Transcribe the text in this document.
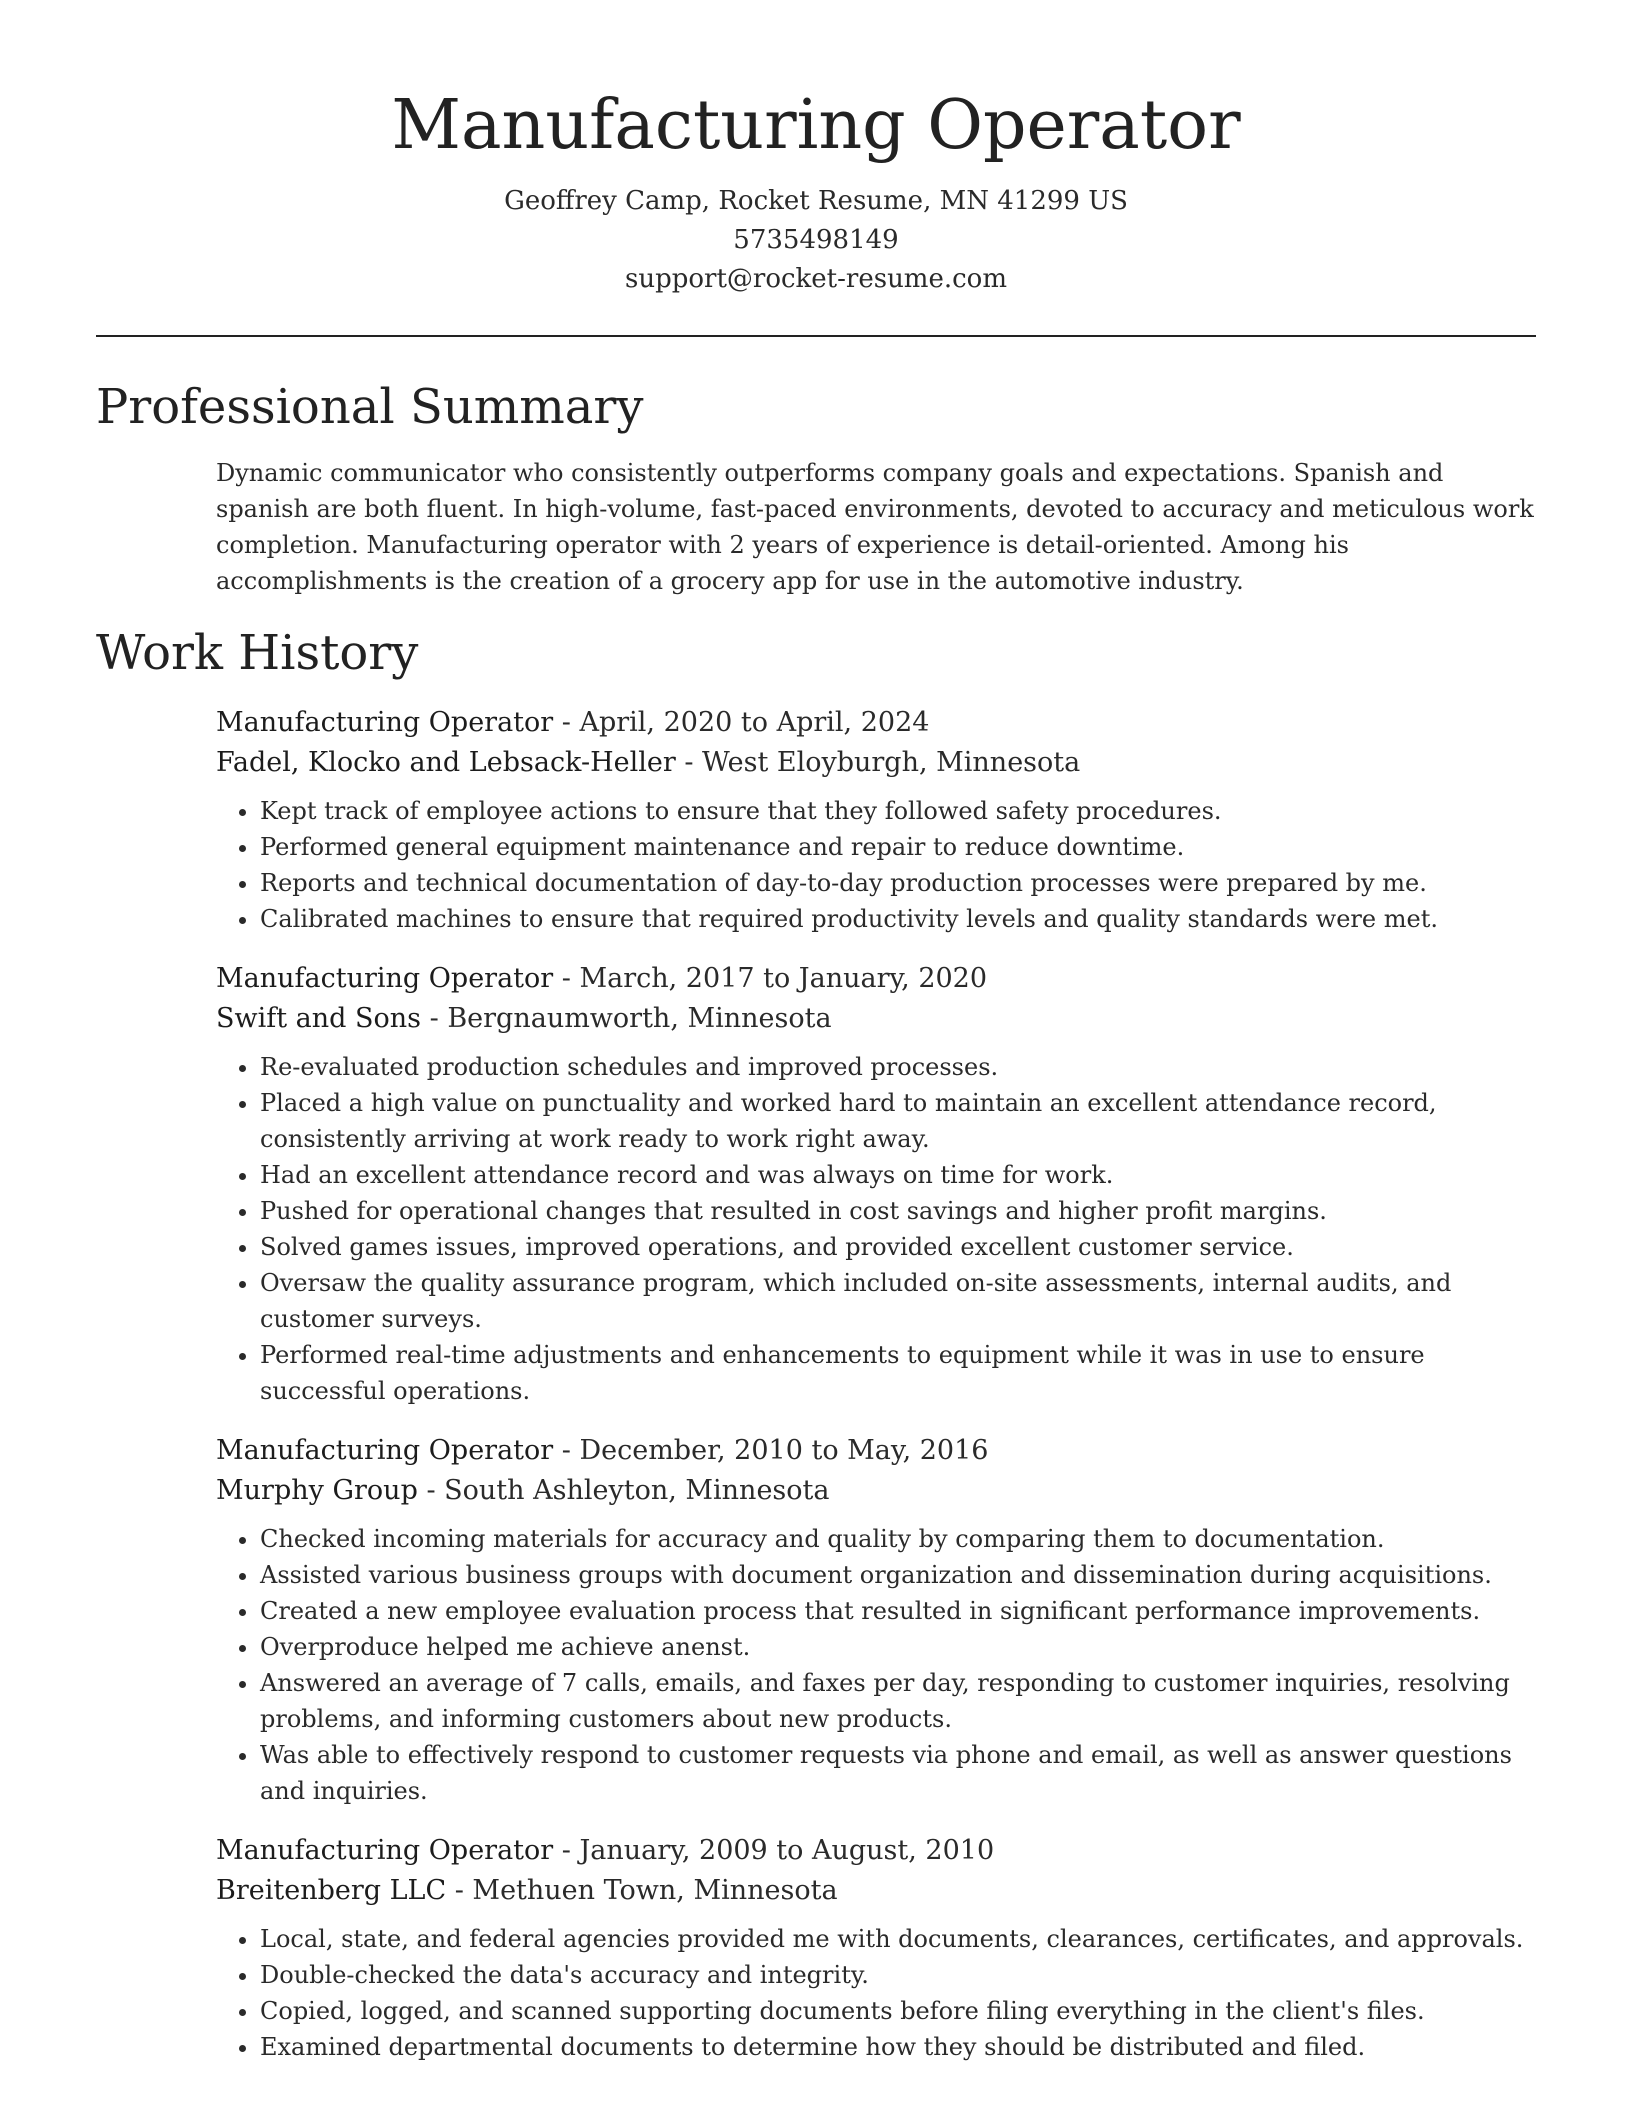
Manufacturing Operator
Geoffrey Camp, Rocket Resume, MN 41299 US
5735498149
support@rocket-resume.com
Professional Summary

Dynamic communicator who consistently outperforms company goals and expectations. Spanish and spanish are both fluent. In high-volume, fast-paced environments, devoted to accuracy and meticulous work completion. Manufacturing operator with 2 years of experience is detail-oriented. Among his accomplishments is the creation of a grocery app for use in the automotive industry.

Work History
Manufacturing Operator - April, 2020 to April, 2024
Fadel, Klocko and Lebsack-Heller - West Eloyburgh, Minnesota
• Kept track of employee actions to ensure that they followed safety procedures.
• Performed general equipment maintenance and repair to reduce downtime.
• Reports and technical documentation of day-to-day production processes were prepared by me.
• Calibrated machines to ensure that required productivity levels and quality standards were met.
Manufacturing Operator - March, 2017 to January, 2020
Swift and Sons - Bergnaumworth, Minnesota
• Re-evaluated production schedules and improved processes.
• Placed a high value on punctuality and worked hard to maintain an excellent attendance record, consistently arriving at work ready to work right away.
• Had an excellent attendance record and was always on time for work.
• Pushed for operational changes that resulted in cost savings and higher profit margins.
• Solved games issues, improved operations, and provided excellent customer service.
• Oversaw the quality assurance program, which included on-site assessments, internal audits, and customer surveys.
• Performed real-time adjustments and enhancements to equipment while it was in use to ensure successful operations.
Manufacturing Operator - December, 2010 to May, 2016
Murphy Group - South Ashleyton, Minnesota
• Checked incoming materials for accuracy and quality by comparing them to documentation.
• Assisted various business groups with document organization and dissemination during acquisitions.
• Created a new employee evaluation process that resulted in significant performance improvements.
• Overproduce helped me achieve anenst.
• Answered an average of 7 calls, emails, and faxes per day, responding to customer inquiries, resolving problems, and informing customers about new products.
• Was able to effectively respond to customer requests via phone and email, as well as answer questions and inquiries.
Manufacturing Operator - January, 2009 to August, 2010
Breitenberg LLC - Methuen Town, Minnesota
• Local, state, and federal agencies provided me with documents, clearances, certificates, and approvals.
• Double-checked the data's accuracy and integrity.
• Copied, logged, and scanned supporting documents before filing everything in the client's files.
• Examined departmental documents to determine how they should be distributed and filed.
